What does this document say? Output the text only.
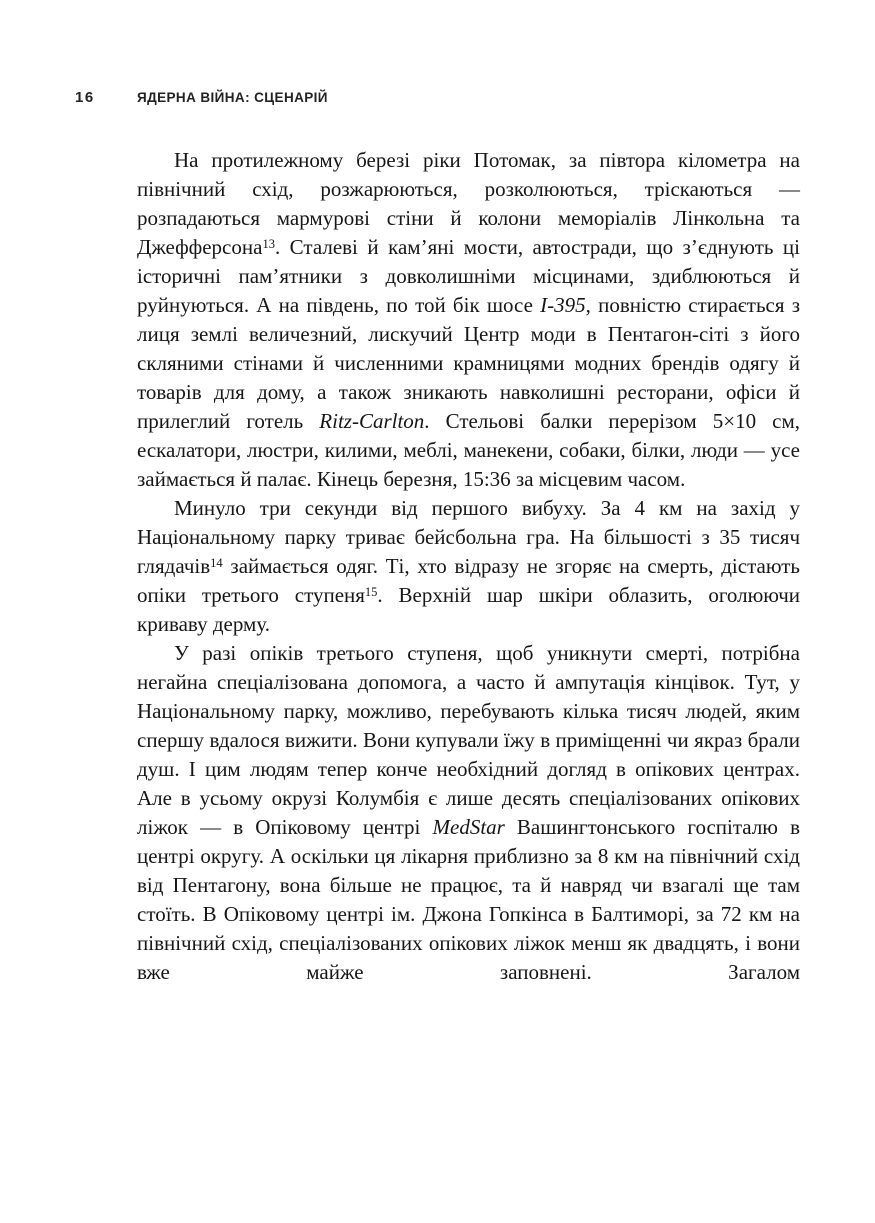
16	ЯДЕРНА ВІЙНА: СЦЕНАРІЙ

На протилежному березі ріки Потомак, за півтора кілометра на північний схід, розжарюються, розколюються, тріскаються — розпадаються мармурові стіни й колони меморіалів Лінкольна та Джефферсона$^{13}$. Сталеві й кам’яні мости, автостради, що з’єднують ці історичні пам’ятники з довколишніми місцинами, здиблюються й руйнуються. А на південь, по той бік шосе I-395, повністю стирається з лиця землі величезний, лискучий Центр моди в Пентагон-сіті з його скляними стінами й численними крамницями модних брендів одягу й товарів для дому, а також зникають навколишні ресторани, офіси й прилеглий готель Ritz-Carlton. Стельові балки перерізом 5×10 см, ескалатори, люстри, килими, меблі, манекени, собаки, білки, люди — усе займається й палає. Кінець березня, 15:36 за місцевим часом.

Минуло три секунди від першого вибуху. За 4 км на захід у Національному парку триває бейсбольна гра. На більшості з 35 тисяч глядачів$^{14}$ займається одяг. Ті, хто відразу не згоряє на смерть, дістають опіки третього ступеня$^{15}$. Верхній шар шкіри облазить, оголюючи криваву дерму.

У разі опіків третього ступеня, щоб уникнути смерті, потрібна негайна спеціалізована допомога, а часто й ампутація кінцівок. Тут, у Національному парку, можливо, перебувають кілька тисяч людей, яким спершу вдалося вижити. Вони купували їжу в приміщенні чи якраз брали душ. І цим людям тепер конче необхідний догляд в опікових центрах. Але в усьому окрузі Колумбія є лише десять спеціалізованих опікових ліжок — в Опіковому центрі MedStar Вашингтонського госпіталю в центрі округу. А оскільки ця лікарня приблизно за 8 км на північний схід від Пентагону, вона більше не працює, та й навряд чи взагалі ще там стоїть. В Опіковому центрі ім. Джона Гопкінса в Балтиморі, за 72 км на північний схід, спеціалізованих опікових ліжок менш як двадцять, і вони вже майже заповнені. Загалом
